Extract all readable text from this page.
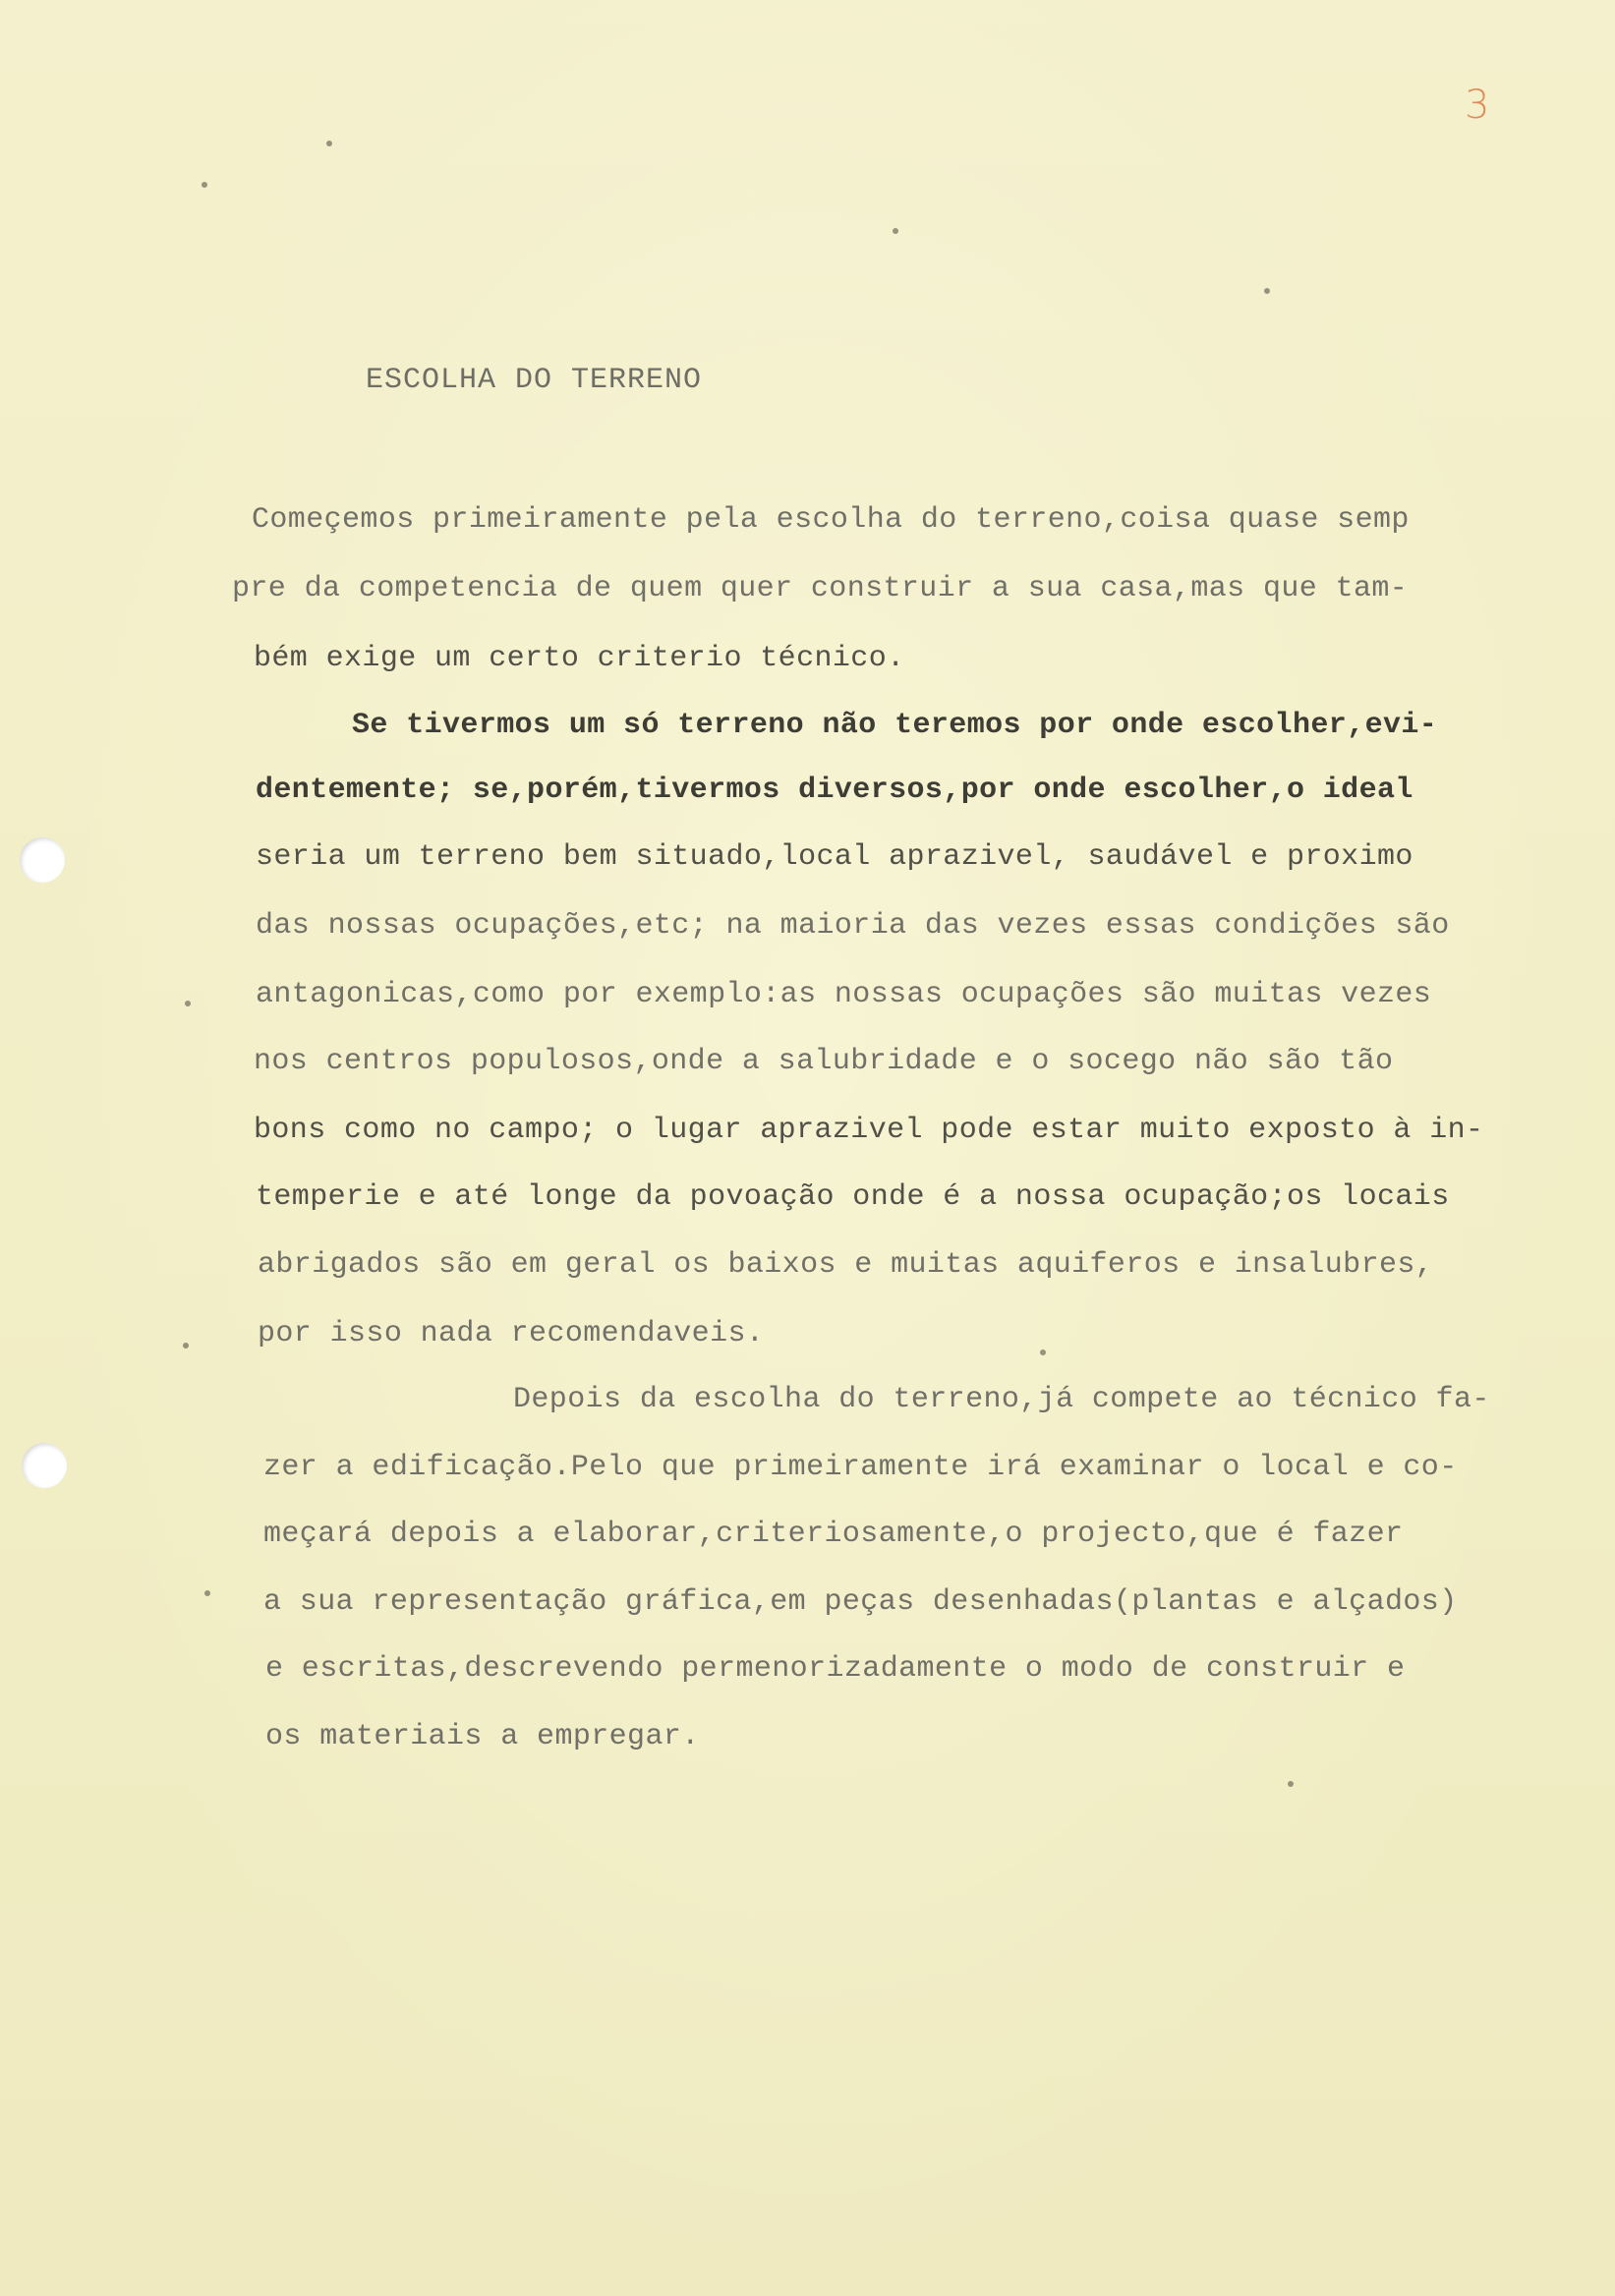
3
ESCOLHA DO TERRENO
Começemos primeiramente pela escolha do terreno,coisa quase semp
pre da competencia de quem quer construir a sua casa,mas que tam-
bém exige um certo criterio técnico.
Se tivermos um só terreno não teremos por onde escolher,evi-
dentemente; se,porém,tivermos diversos,por onde escolher,o ideal
seria um terreno bem situado,local aprazivel, saudável e proximo
das nossas ocupações,etc; na maioria das vezes essas condições são
antagonicas,como por exemplo:as nossas ocupações são muitas vezes
nos centros populosos,onde a salubridade e o socego não são tão
bons como no campo; o lugar aprazivel pode estar muito exposto à in-
temperie e até longe da povoação onde é a nossa ocupação;os locais
abrigados são em geral os baixos e muitas aquiferos e insalubres,
por isso nada recomendaveis.
Depois da escolha do terreno,já compete ao técnico fa-
zer a edificação.Pelo que primeiramente irá examinar o local e co-
meçará depois a elaborar,criteriosamente,o projecto,que é fazer
a sua representação gráfica,em peças desenhadas(plantas e alçados)
e escritas,descrevendo permenorizadamente o modo de construir e
os materiais a empregar.
